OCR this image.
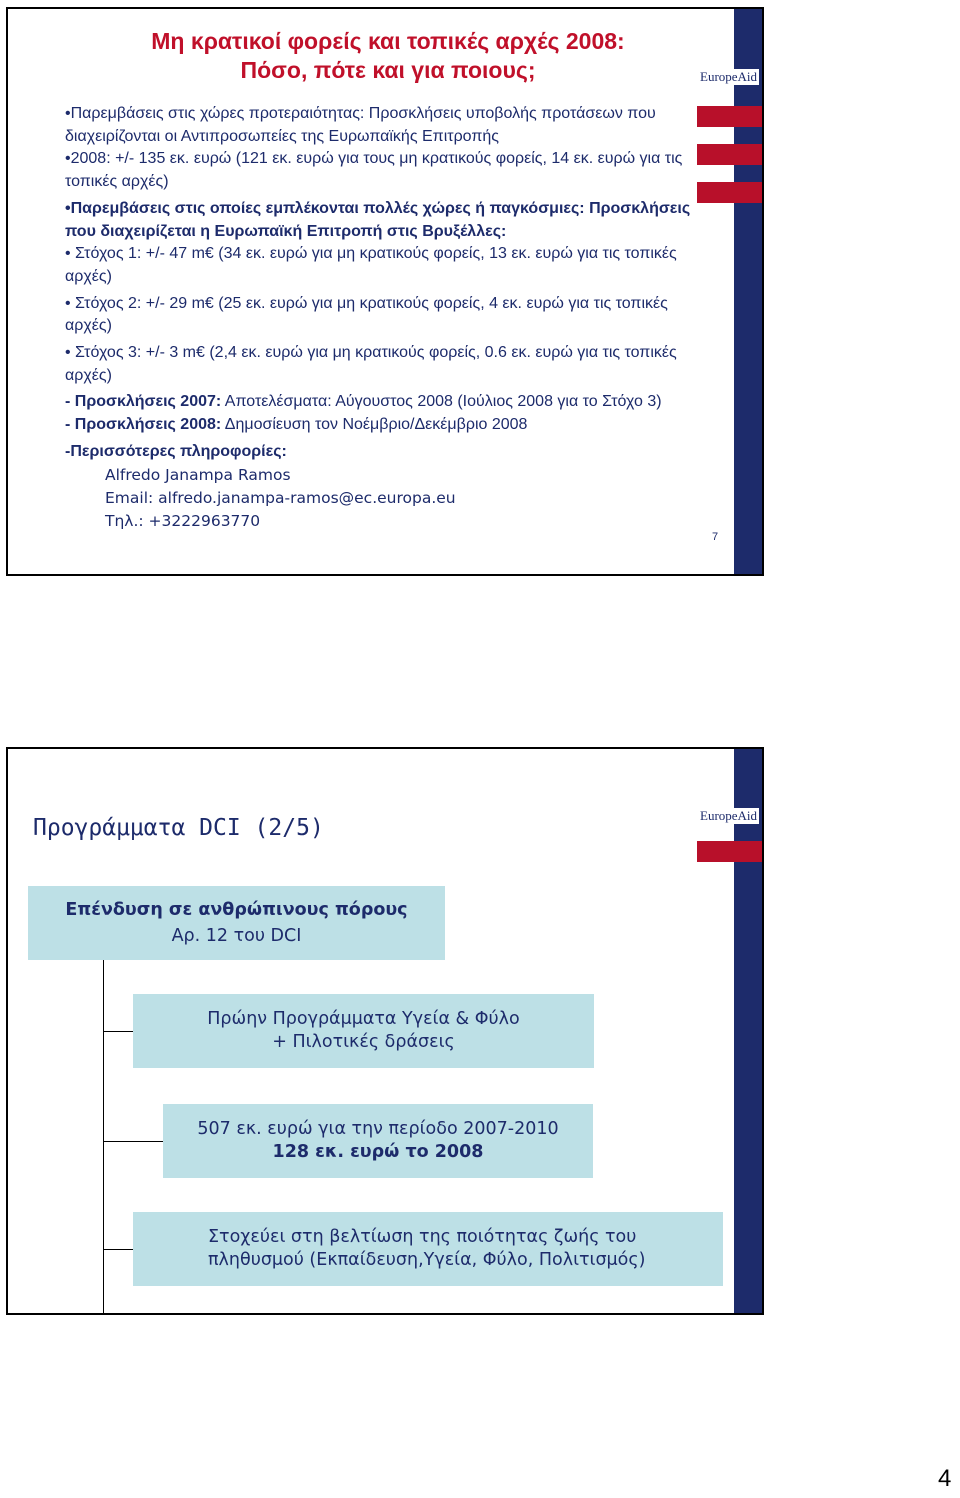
EuropeAid
Μη κρατικοί φορείς και τοπικές αρχές 2008:
Πόσο, πότε και για ποιους;

•Παρεμβάσεις στις χώρες προτεραιότητας: Προσκλήσεις υποβολής προτάσεων που διαχειρίζονται οι Αντιπροσωπείες της Ευρωπαϊκής Επιτροπής

•2008: +/- 135 εκ. ευρώ (121 εκ. ευρώ για τους μη κρατικούς φορείς, 14 εκ. ευρώ για τις τοπικές αρχές)

•Παρεμβάσεις στις οποίες εμπλέκονται πολλές χώρες ή παγκόσμιες: Προσκλήσεις που διαχειρίζεται η Ευρωπαϊκή Επιτροπή στις Βρυξέλλες:

• Στόχος 1: +/- 47 m€ (34 εκ. ευρώ για μη κρατικούς φορείς, 13 εκ. ευρώ για τις τοπικές αρχές)

• Στόχος 2: +/- 29 m€ (25 εκ. ευρώ για μη κρατικούς φορείς, 4 εκ. ευρώ για τις τοπικές αρχές)

• Στόχος 3: +/- 3 m€ (2,4 εκ. ευρώ για μη κρατικούς φορείς, 0.6 εκ. ευρώ για τις τοπικές αρχές)

- Προσκλήσεις 2007: Αποτελέσματα: Αύγουστος 2008 (Ιούλιος 2008 για το Στόχο 3)

- Προσκλήσεις 2008: Δημοσίευση τον Νοέμβριο/Δεκέμβριο 2008

-Περισσότερες πληροφορίες:

Alfredo Janampa Ramos
Email: alfredo.janampa-ramos@ec.europa.eu
Τηλ.: +3222963770
7
EuropeAid
Προγράμματα DCI (2/5)
Επένδυση σε ανθρώπινους πόρους
Αρ. 12 του DCI
Πρώην Προγράμματα Υγεία & Φύλο
+ Πιλοτικές δράσεις
507 εκ. ευρώ για την περίοδο 2007-2010
128 εκ. ευρώ το 2008
Στοχεύει στη βελτίωση της ποιότητας ζωής του
πληθυσμού (Εκπαίδευση,Υγεία, Φύλο, Πολιτισμός)
4
